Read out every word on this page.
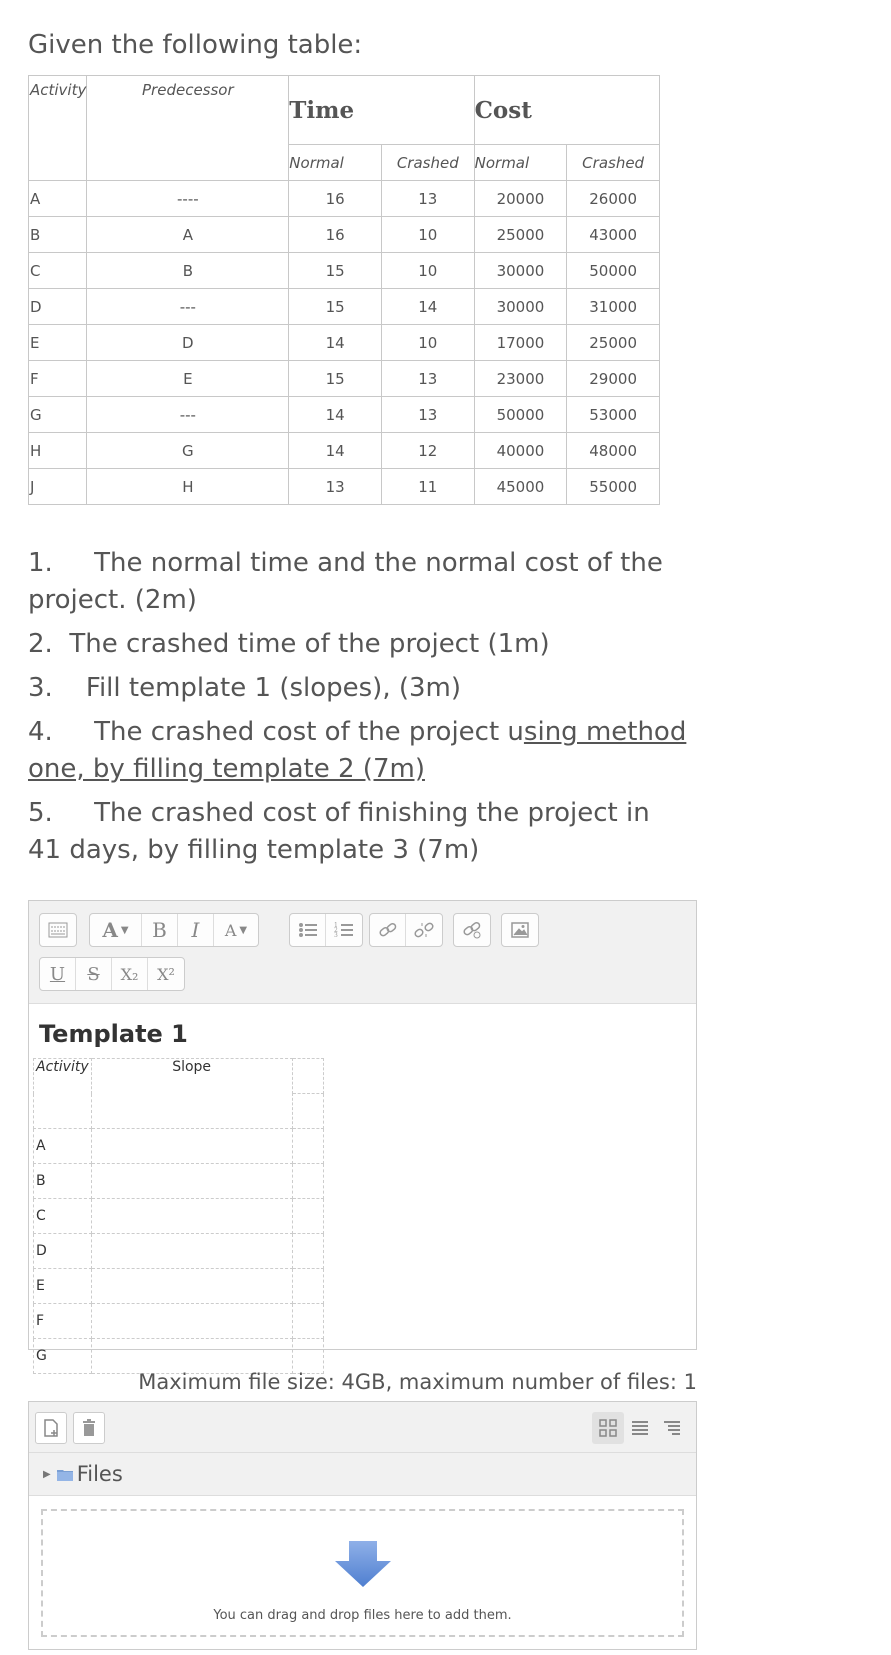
Given the following table:
Activity	Predecessor	Time		Cost	
		Normal	Crashed	Normal	Crashed
A	----	16	13	20000	26000
B	A	16	10	25000	43000
C	B	15	10	30000	50000
D	---	15	14	30000	31000
E	D	14	10	17000	25000
F	E	15	13	23000	29000
G	---	14	13	50000	53000
H	G	14	12	40000	48000
J	H	13	11	45000	55000

1. The normal time and the normal cost of the project. (2m)

2. The crashed time of the project (1m)

3. Fill template 1 (slopes), (3m)

4. The crashed cost of the project using method one, by filling template 2 (7m)

5. The crashed cost of finishing the project in 41 days, by filling template 3 (7m)

A ▼ B I A ▼	1
2
3
U S X₂ X²
Template 1
Activity	Slope	

A		
B		
C		
D		
E		
F		
G		
Maximum file size: 4GB, maximum number of files: 1
▶ Files
You can drag and drop files here to add them.
